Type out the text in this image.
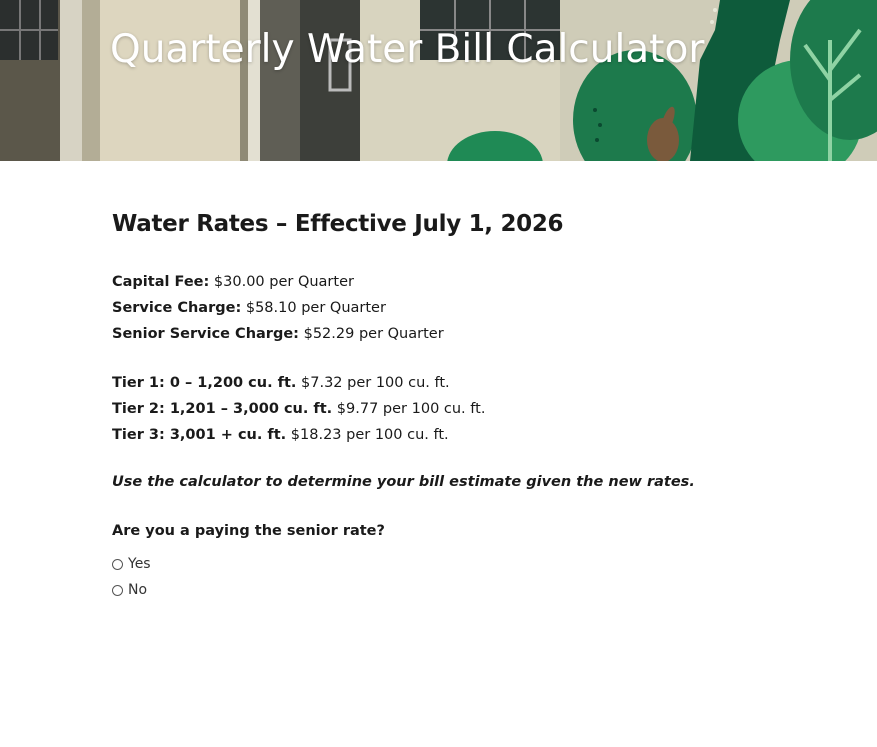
Quarterly Water Bill Calculator
Water Rates – Effective July 1, 2026
Capital Fee: $30.00 per Quarter
Service Charge: $58.10 per Quarter
Senior Service Charge: $52.29 per Quarter
Tier 1: 0 – 1,200 cu. ft. $7.32 per 100 cu. ft.
Tier 2: 1,201 – 3,000 cu. ft. $9.77 per 100 cu. ft.
Tier 3: 3,001 + cu. ft. $18.23 per 100 cu. ft.
Use the calculator to determine your bill estimate given the new rates.
Are you a paying the senior rate?
Yes
No
